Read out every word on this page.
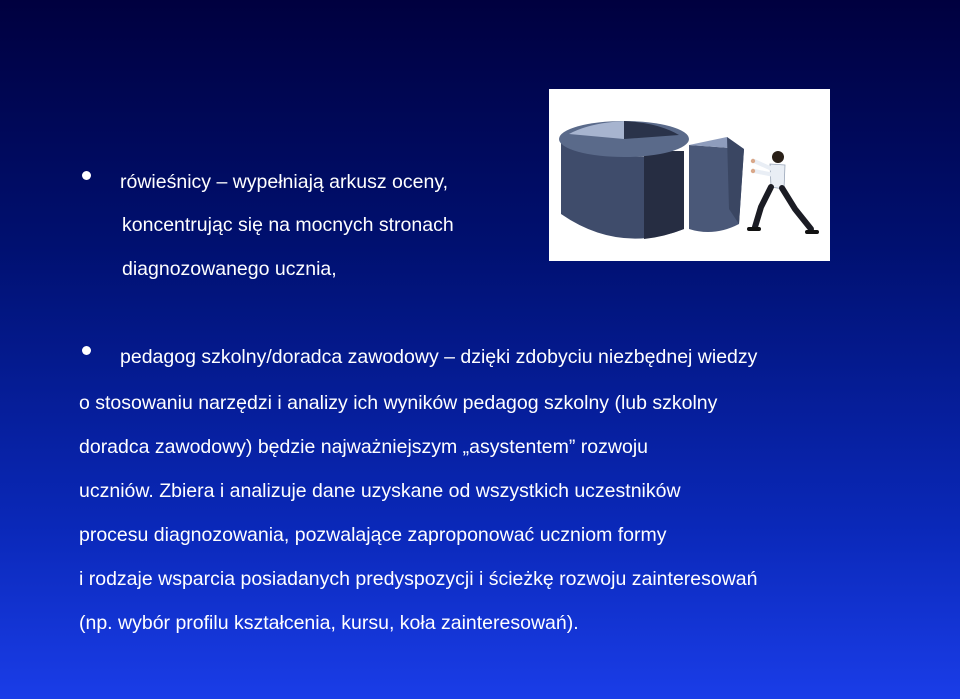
rówieśnicy – wypełniają arkusz oceny,
koncentrując się na mocnych stronach
diagnozowanego ucznia,
pedagog szkolny/doradca zawodowy – dzięki zdobyciu niezbędnej wiedzy
o stosowaniu narzędzi i analizy ich wyników pedagog szkolny (lub szkolny
doradca zawodowy) będzie najważniejszym „asystentem” rozwoju
uczniów. Zbiera i analizuje dane uzyskane od wszystkich uczestników
procesu diagnozowania, pozwalające zaproponować uczniom formy
i rodzaje wsparcia posiadanych predyspozycji i ścieżkę rozwoju zainteresowań
(np. wybór profilu kształcenia, kursu, koła zainteresowań).
